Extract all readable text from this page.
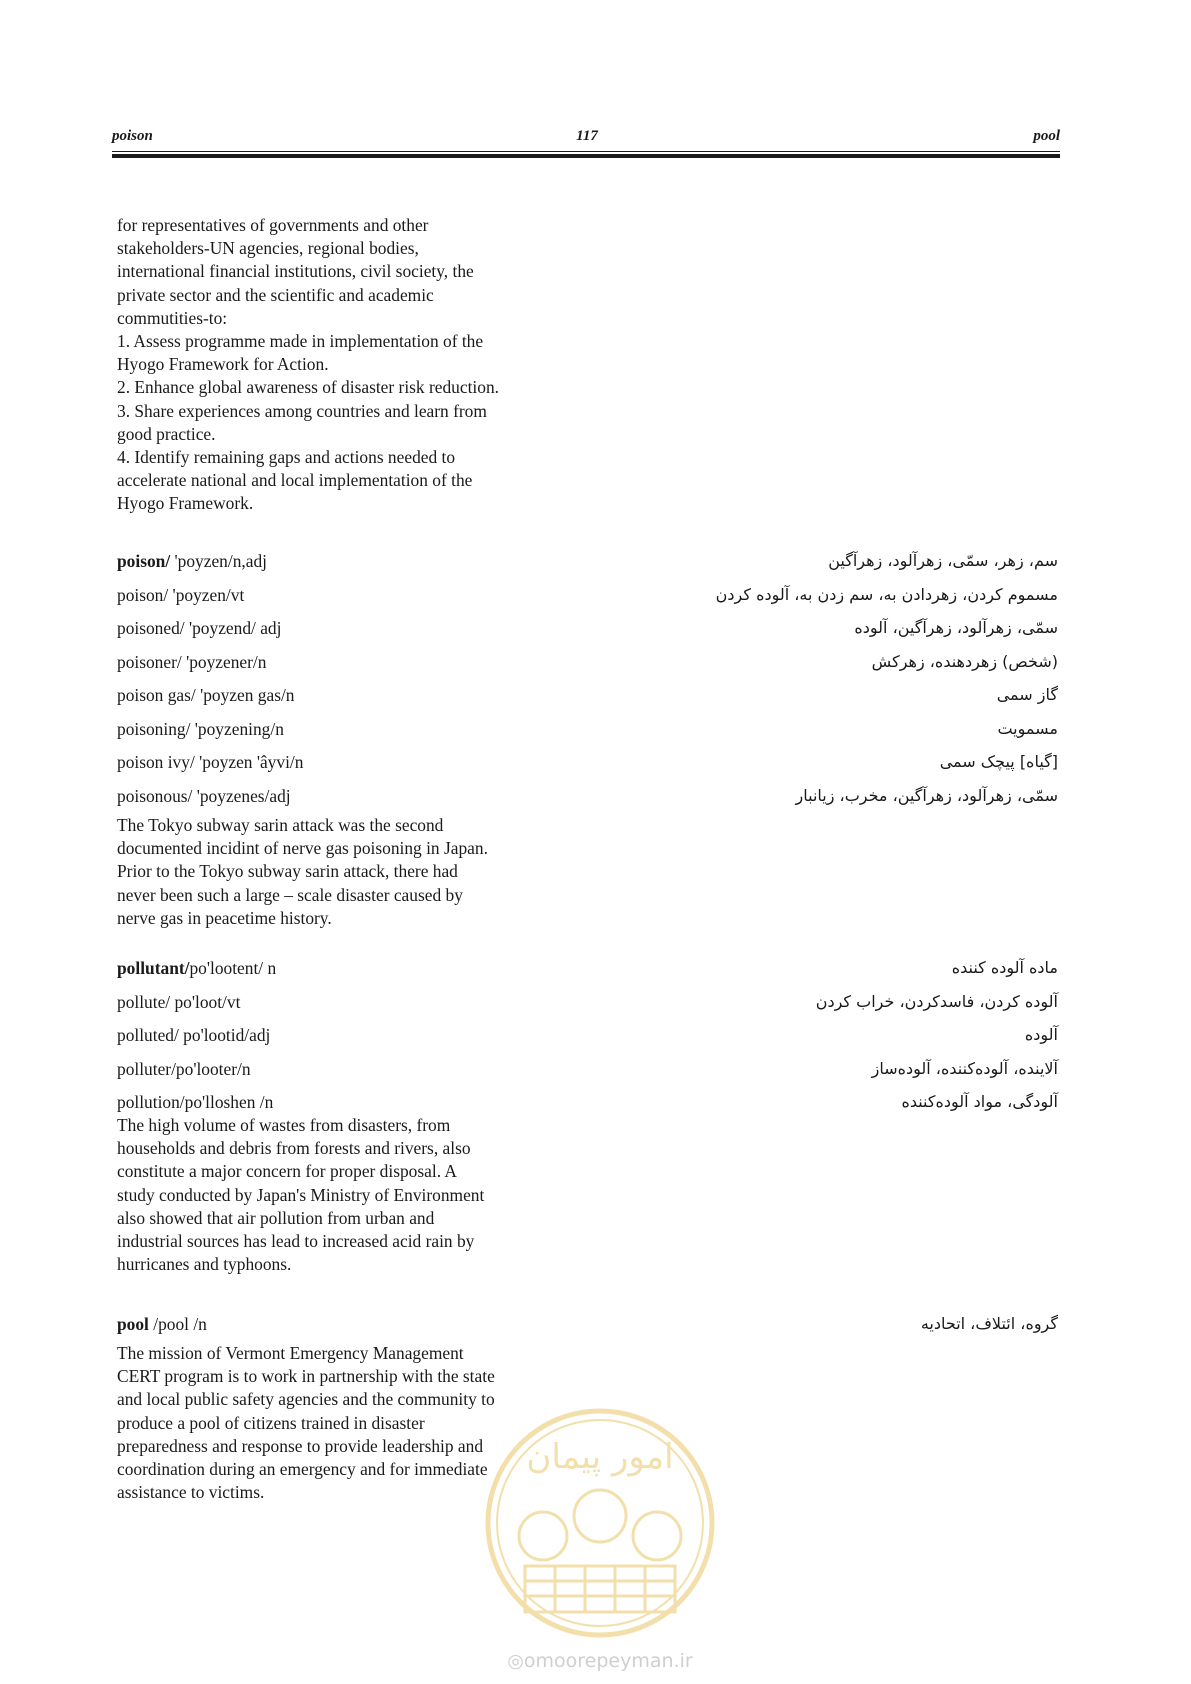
poison	117	pool
for representatives of governments and other
stakeholders-UN agencies, regional bodies,
international financial institutions, civil society, the
private sector and the scientific and academic
commutities-to:
1. Assess programme made in implementation of the
Hyogo Framework for Action.
2. Enhance global awareness of disaster risk reduction.
3. Share experiences among countries and learn from
good practice.
4. Identify remaining gaps and actions needed to
accelerate national and local implementation of the
Hyogo Framework.
poison/ 'poyzen/n,adj	سم، زهر، سمّی، زهرآلود، زهرآگین
poison/ 'poyzen/vt	مسموم کردن، زهردادن به، سم زدن به، آلوده کردن
poisoned/ 'poyzend/ adj	سمّی، زهرآلود، زهرآگین، آلوده
poisoner/ 'poyzener/n	(شخص) زهردهنده، زهرکش
poison gas/ 'poyzen gas/n	گاز سمی
poisoning/ 'poyzening/n	مسمویت
poison ivy/ 'poyzen 'âyvi/n	[گیاه] پیچک سمی
poisonous/ 'poyzenes/adj	سمّی، زهرآلود، زهرآگین، مخرب، زیانبار
The Tokyo subway sarin attack was the second
documented incidint of nerve gas poisoning in Japan.
Prior to the Tokyo subway sarin attack, there had
never been such a large – scale disaster caused by
nerve gas in peacetime history.
pollutant/po'lootent/ n	ماده آلوده کننده
pollute/ po'loot/vt	آلوده کردن، فاسدکردن، خراب کردن
polluted/ po'lootid/adj	آلوده
polluter/po'looter/n	آلاینده، آلوده‌کننده، آلوده‌ساز
pollution/po'lloshen /n	آلودگی، مواد آلوده‌کننده
The high volume of wastes from disasters, from
households and debris from forests and rivers, also
constitute a major concern for proper disposal. A
study conducted by Japan's Ministry of Environment
also showed that air pollution from urban and
industrial sources has lead to increased acid rain by
hurricanes and typhoons.
pool /pool /n	گروه، ائتلاف، اتحادیه
The mission of Vermont Emergency Management
CERT program is to work in partnership with the state
and local public safety agencies and the community to
produce a pool of citizens trained in disaster
preparedness and response to provide leadership and
coordination during an emergency and for immediate
assistance to victims.
امور پیمان
◎omoorepeyman.ir
